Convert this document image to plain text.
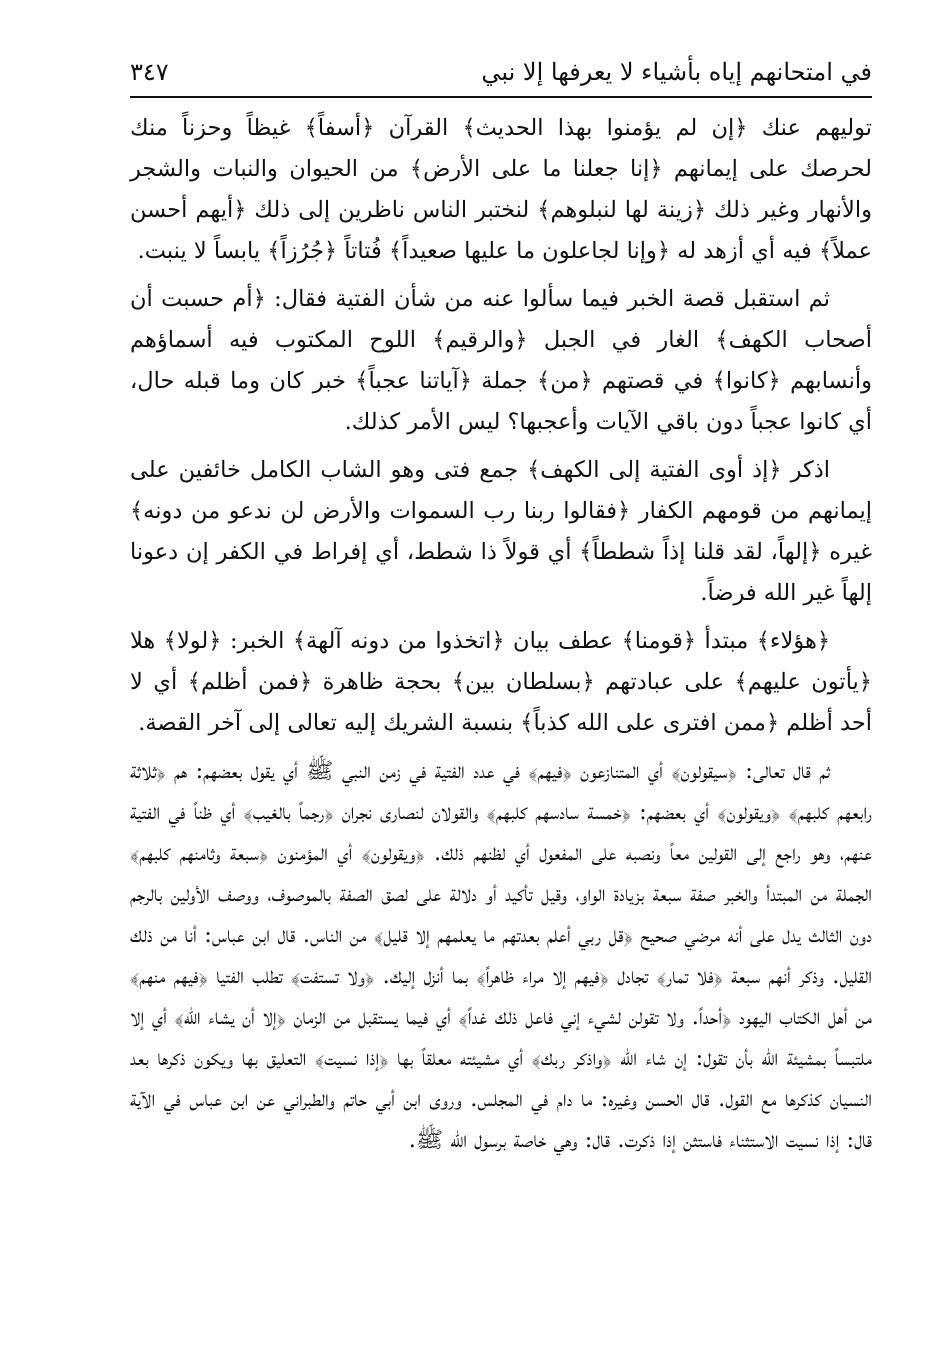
في امتحانهم إياه بأشياء لا يعرفها إلا نبي
٣٤٧

توليهم عنك ﴿إن لم يؤمنوا بهذا الحديث﴾ القرآن ﴿أسفاً﴾ غيظاً وحزناً منك لحرصك على إيمانهم ﴿إنا جعلنا ما على الأرض﴾ من الحيوان والنبات والشجر والأنهار وغير ذلك ﴿زينة لها لنبلوهم﴾ لنختبر الناس ناظرين إلى ذلك ﴿أيهم أحسن عملاً﴾ فيه أي أزهد له ﴿وإنا لجاعلون ما عليها صعيداً﴾ فُتاتاً ﴿جُرُزاً﴾ يابساً لا ينبت.

ثم استقبل قصة الخبر فيما سألوا عنه من شأن الفتية فقال: ﴿أم حسبت أن أصحاب الكهف﴾ الغار في الجبل ﴿والرقيم﴾ اللوح المكتوب فيه أسماؤهم وأنسابهم ﴿كانوا﴾ في قصتهم ﴿من﴾ جملة ﴿آياتنا عجباً﴾ خبر كان وما قبله حال، أي كانوا عجباً دون باقي الآيات وأعجبها؟ ليس الأمر كذلك.

اذكر ﴿إذ أوى الفتية إلى الكهف﴾ جمع فتى وهو الشاب الكامل خائفين على إيمانهم من قومهم الكفار ﴿فقالوا ربنا رب السموات والأرض لن ندعو من دونه﴾ غيره ﴿إلهاً، لقد قلنا إذاً شططاً﴾ أي قولاً ذا شطط، أي إفراط في الكفر إن دعونا إلهاً غير الله فرضاً.

﴿هؤلاء﴾ مبتدأ ﴿قومنا﴾ عطف بيان ﴿اتخذوا من دونه آلهة﴾ الخبر: ﴿لولا﴾ هلا ﴿يأتون عليهم﴾ على عبادتهم ﴿بسلطان بين﴾ بحجة ظاهرة ﴿فمن أظلم﴾ أي لا أحد أظلم ﴿ممن افترى على الله كذباً﴾ بنسبة الشريك إليه تعالى إلى آخر القصة.

ثم قال تعالى: ﴿سيقولون﴾ أي المتنازعون ﴿فيهم﴾ في عدد الفتية في زمن النبي ﷺ أي يقول بعضهم: هم ﴿ثلاثة رابعهم كلبهم﴾ ﴿ويقولون﴾ أي بعضهم: ﴿خمسة سادسهم كلبهم﴾ والقولان لنصارى نجران ﴿رجماً بالغيب﴾ أي ظناً في الفتية عنهم، وهو راجع إلى القولين معاً ونصبه على المفعول أي لظنهم ذلك. ﴿ويقولون﴾ أي المؤمنون ﴿سبعة وثامنهم كلبهم﴾ الجملة من المبتدأ والخبر صفة سبعة بزيادة الواو، وقيل تأكيد أو دلالة على لصق الصفة بالموصوف، ووصف الأولين بالرجم دون الثالث يدل على أنه مرضي صحيح ﴿قل ربي أعلم بعدتهم ما يعلمهم إلا قليل﴾ من الناس. قال ابن عباس: أنا من ذلك القليل. وذكر أنهم سبعة ﴿فلا تمار﴾ تجادل ﴿فيهم إلا مراء ظاهراً﴾ بما أنزل إليك. ﴿ولا تستفت﴾ تطلب الفتيا ﴿فيهم منهم﴾ من أهل الكتاب اليهود ﴿أحداً. ولا تقولن لشيء إني فاعل ذلك غداً﴾ أي فيما يستقبل من الزمان ﴿إلا أن يشاء الله﴾ أي إلا ملتبساً بمشيئة الله بأن تقول: إن شاء الله ﴿واذكر ربك﴾ أي مشيئته معلقاً بها ﴿إذا نسيت﴾ التعليق بها ويكون ذكرها بعد النسيان كذكرها مع القول. قال الحسن وغيره: ما دام في المجلس. وروى ابن أبي حاتم والطبراني عن ابن عباس في الآية قال: إذا نسيت الاستثناء فاستثن إذا ذكرت. قال: وهي خاصة برسول الله ﷺ.
